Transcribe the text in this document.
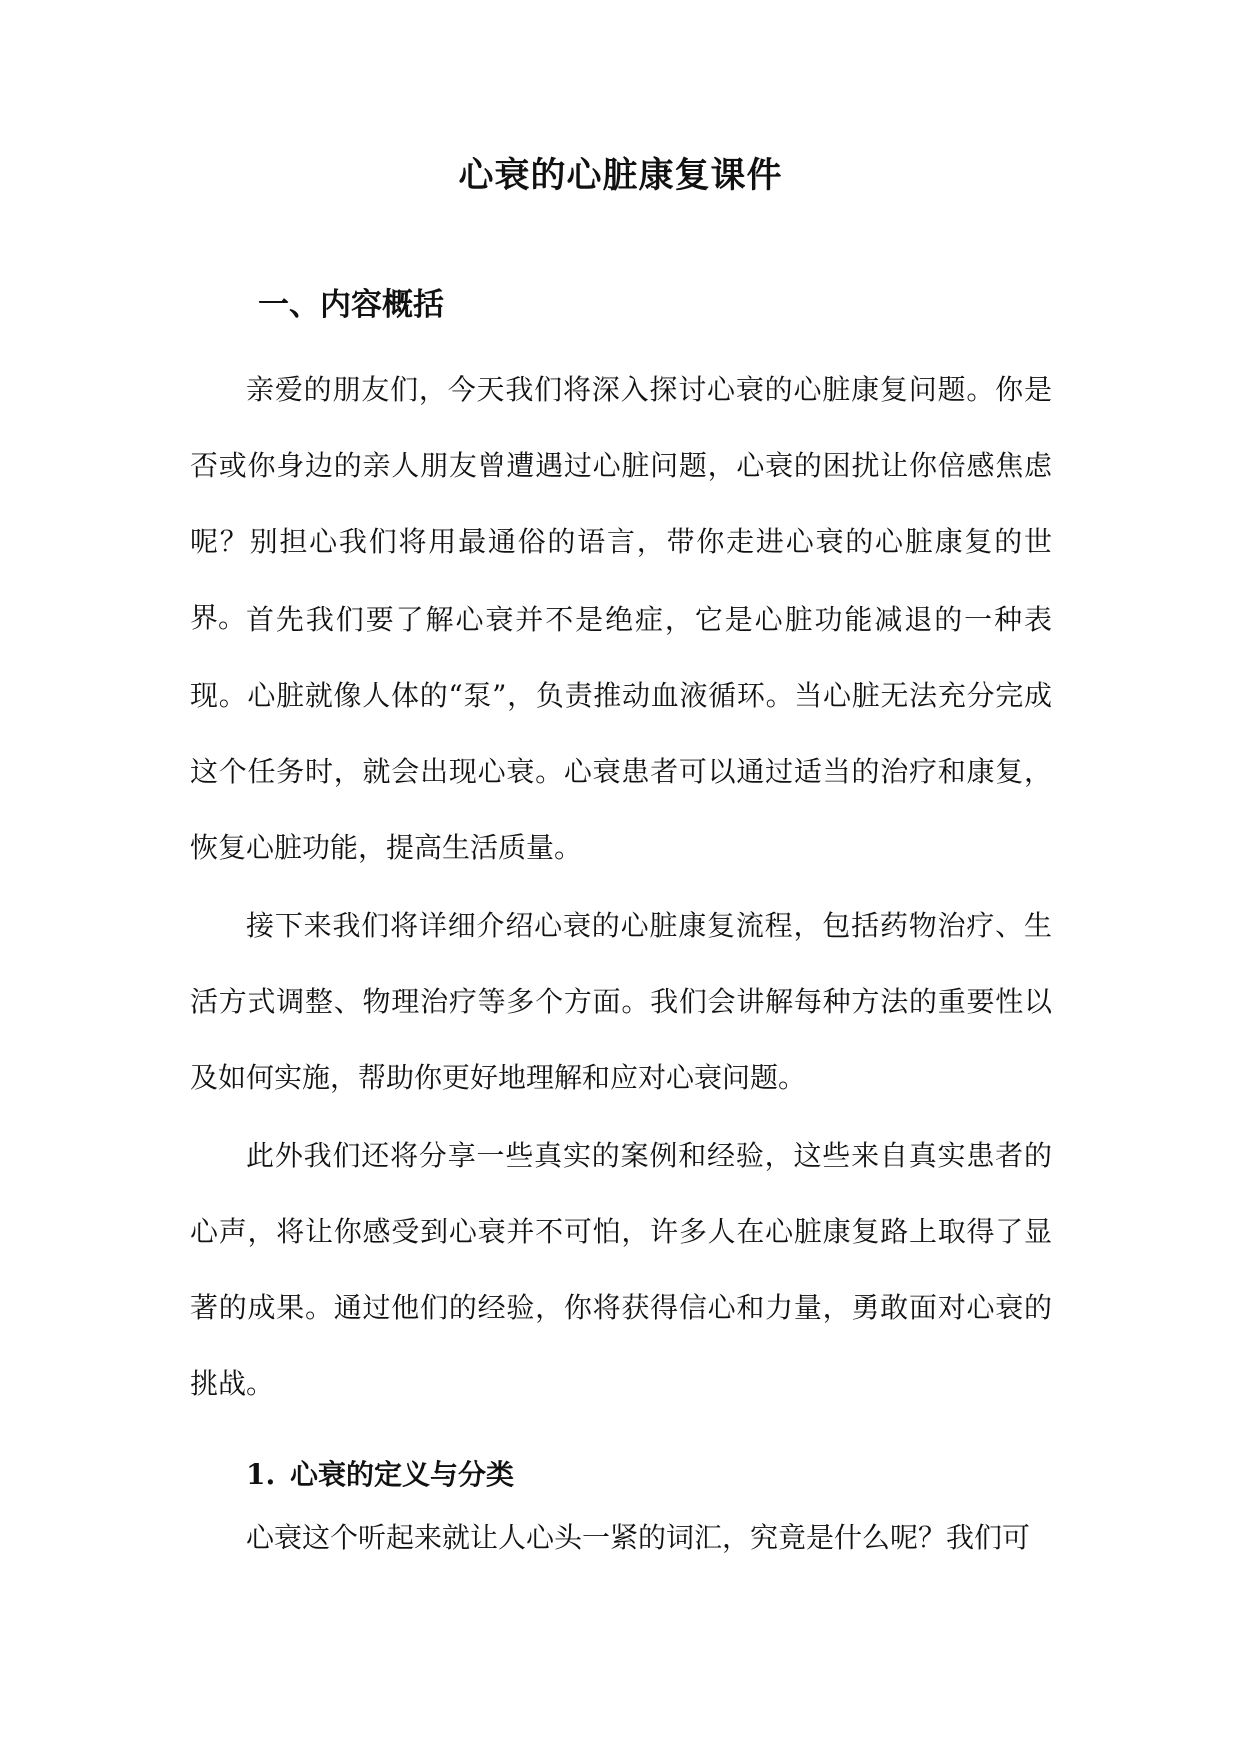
心衰的心脏康复课件
一、内容概括

亲爱的朋友们，今天我们将深入探讨心衰的心脏康复问题。你是否或你身边的亲人朋友曾遭遇过心脏问题，心衰的困扰让你倍感焦虑呢？别担心我们将用最通俗的语言，带你走进心衰的心脏康复的世界。 首先我们要了解心衰并不是绝症，它是心脏功能减退的一种表现。心脏就像人体的“泵”，负责推动血液循环。当心脏无法充分完成这个任务时，就会出现心衰。心衰患者可以通过适当的治疗和康复，恢复心脏功能，提高生活质量。

接下来我们将详细介绍心衰的心脏康复流程，包括药物治疗、生活方式调整、物理治疗等多个方面。我们会讲解每种方法的重要性以及如何实施，帮助你更好地理解和应对心衰问题。

此外我们还将分享一些真实的案例和经验，这些来自真实患者的心声，将让你感受到心衰并不可怕，许多人在心脏康复路上取得了显著的成果。通过他们的经验，你将获得信心和力量，勇敢面对心衰的挑战。

1. 心衰的定义与分类

心衰这个听起来就让人心头一紧的词汇，究竟是什么呢？我们可
